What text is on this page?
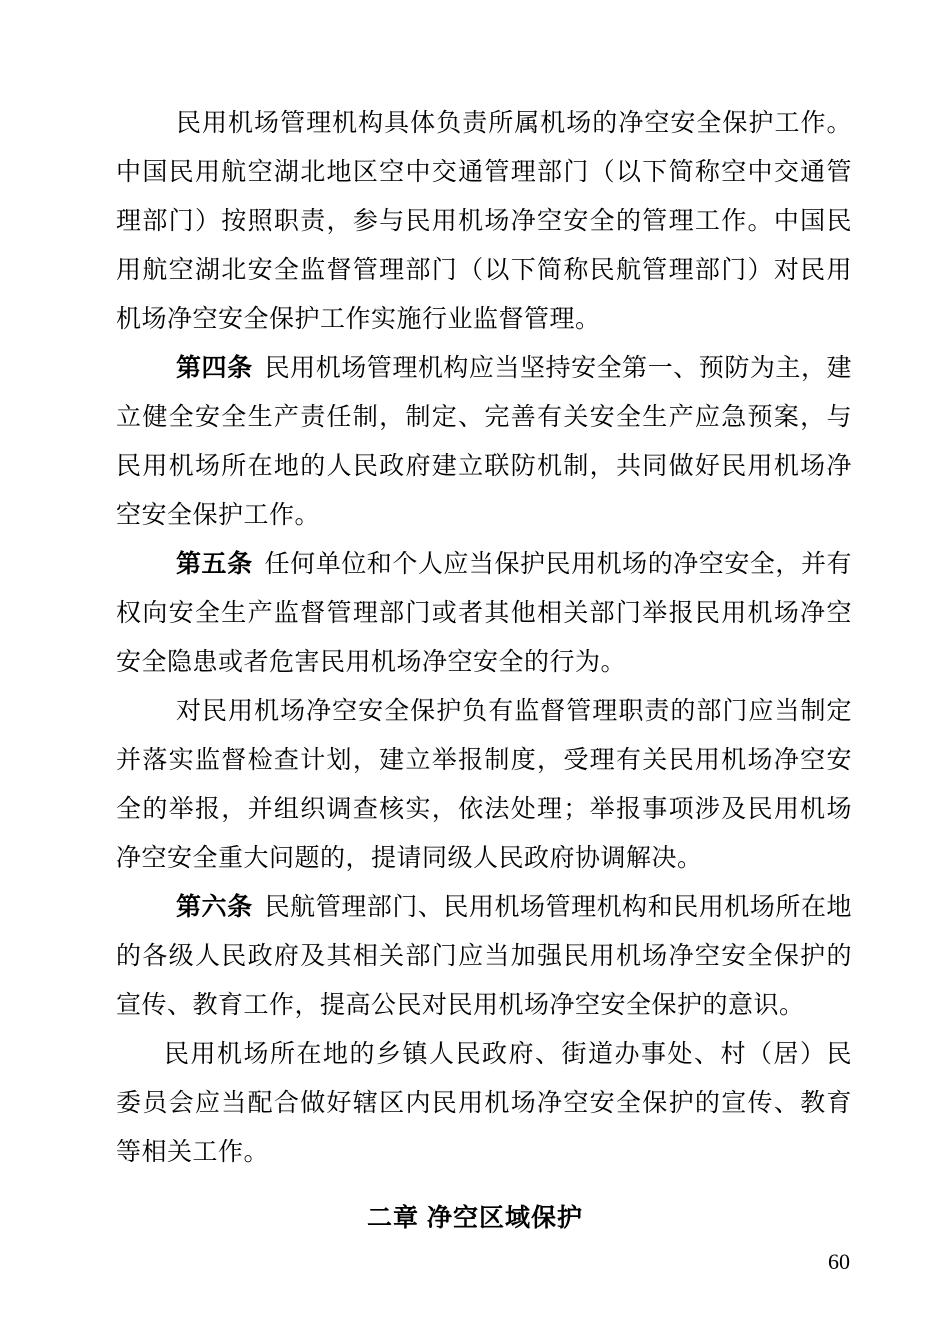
民用机场管理机构具体负责所属机场的净空安全保护工作。中国民用航空湖北地区空中交通管理部门（以下简称空中交通管理部门）按照职责，参与民用机场净空安全的管理工作。中国民用航空湖北安全监督管理部门（以下简称民航管理部门）对民用机场净空安全保护工作实施行业监督管理。

第四条 民用机场管理机构应当坚持安全第一、预防为主，建立健全安全生产责任制，制定、完善有关安全生产应急预案，与民用机场所在地的人民政府建立联防机制，共同做好民用机场净空安全保护工作。

第五条 任何单位和个人应当保护民用机场的净空安全，并有权向安全生产监督管理部门或者其他相关部门举报民用机场净空安全隐患或者危害民用机场净空安全的行为。

对民用机场净空安全保护负有监督管理职责的部门应当制定并落实监督检查计划，建立举报制度，受理有关民用机场净空安全的举报，并组织调查核实，依法处理；举报事项涉及民用机场净空安全重大问题的，提请同级人民政府协调解决。

第六条 民航管理部门、民用机场管理机构和民用机场所在地的各级人民政府及其相关部门应当加强民用机场净空安全保护的宣传、教育工作，提高公民对民用机场净空安全保护的意识。

民用机场所在地的乡镇人民政府、街道办事处、村（居）民委员会应当配合做好辖区内民用机场净空安全保护的宣传、教育等相关工作。

二章 净空区域保护
60
